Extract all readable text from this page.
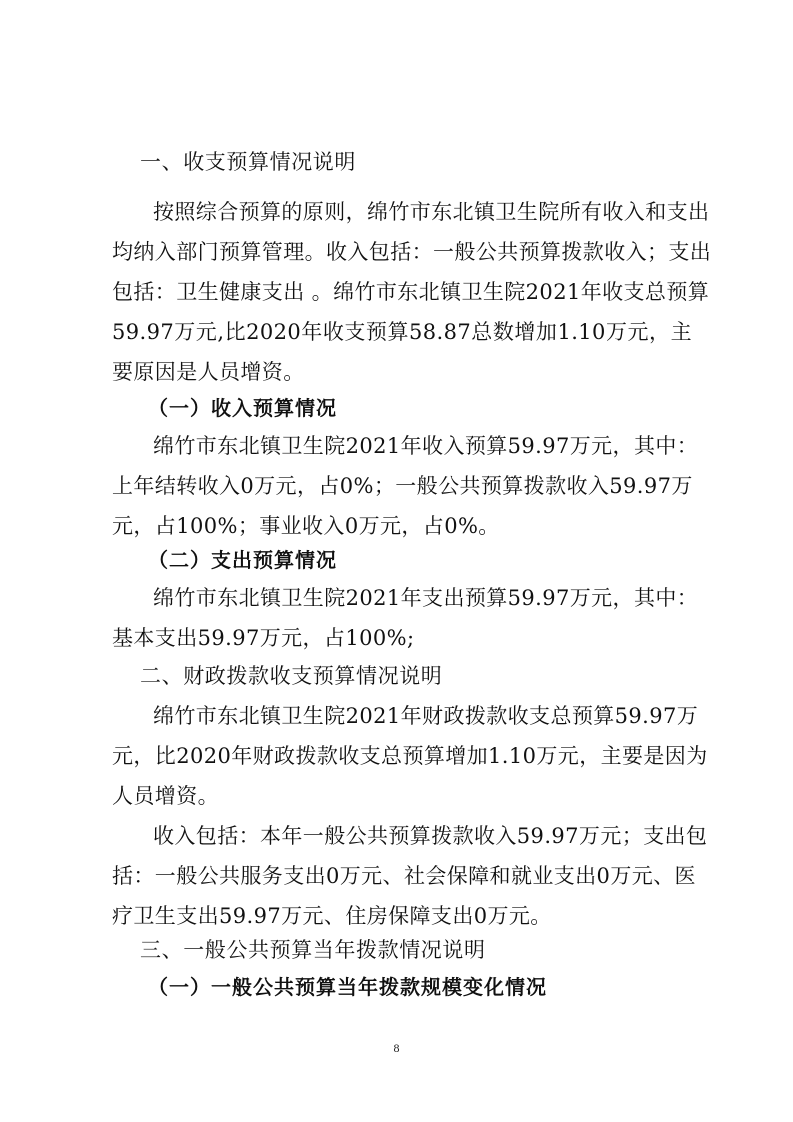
一、收支预算情况说明
按照综合预算的原则，绵竹市东北镇卫生院所有收入和支出
均纳入部门预算管理。收入包括：一般公共预算拨款收入；支出
包括：卫生健康支出 。绵竹市东北镇卫生院2021年收支总预算
59.97万元,比2020年收支预算58.87总数增加1.10万元，主
要原因是人员增资。
（一）收入预算情况
绵竹市东北镇卫生院2021年收入预算59.97万元，其中：
上年结转收入0万元，占0%；一般公共预算拨款收入59.97万
元，占100%；事业收入0万元，占0%。
（二）支出预算情况
绵竹市东北镇卫生院2021年支出预算59.97万元，其中：
基本支出59.97万元，占100%;
二、财政拨款收支预算情况说明
绵竹市东北镇卫生院2021年财政拨款收支总预算59.97万
元，比2020年财政拨款收支总预算增加1.10万元，主要是因为
人员增资。
收入包括：本年一般公共预算拨款收入59.97万元；支出包
括：一般公共服务支出0万元、社会保障和就业支出0万元、医
疗卫生支出59.97万元、住房保障支出0万元。
三、一般公共预算当年拨款情况说明
（一）一般公共预算当年拨款规模变化情况
8
